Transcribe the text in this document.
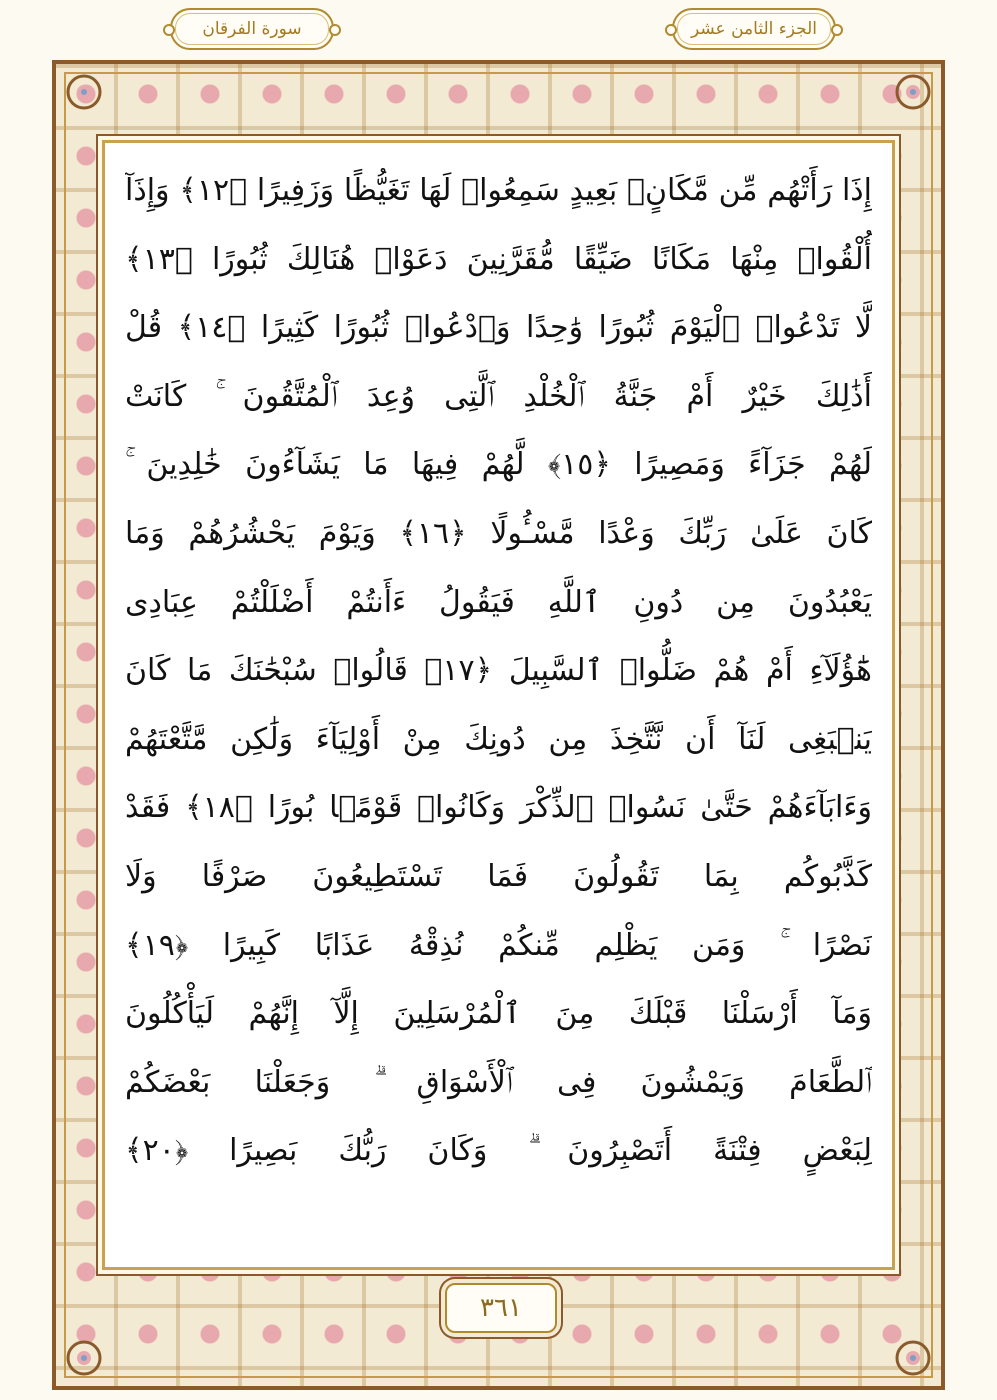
سورة الفرقان	الجزء الثامن عشر
إِذَا رَأَتْهُم مِّن مَّكَانٍۭ بَعِيدٍ سَمِعُوا۟ لَهَا تَغَيُّظًا وَزَفِيرًا ﴿١٢﴾ وَإِذَآ
أُلْقُوا۟ مِنْهَا مَكَانًا ضَيِّقًا مُّقَرَّنِينَ دَعَوْا۟ هُنَالِكَ ثُبُورًا ﴿١٣﴾
لَّا تَدْعُوا۟ ٱلْيَوْمَ ثُبُورًا وَٰحِدًا وَٱدْعُوا۟ ثُبُورًا كَثِيرًا ﴿١٤﴾ قُلْ
أَذَٰلِكَ خَيْرٌ أَمْ جَنَّةُ ٱلْخُلْدِ ٱلَّتِى وُعِدَ ٱلْمُتَّقُونَ ۚ كَانَتْ
لَهُمْ جَزَآءً وَمَصِيرًا ﴿١٥﴾ لَّهُمْ فِيهَا مَا يَشَآءُونَ خَٰلِدِينَ ۚ
كَانَ عَلَىٰ رَبِّكَ وَعْدًا مَّسْـُٔولًا ﴿١٦﴾ وَيَوْمَ يَحْشُرُهُمْ وَمَا
يَعْبُدُونَ مِن دُونِ ٱللَّهِ فَيَقُولُ ءَأَنتُمْ أَضْلَلْتُمْ عِبَادِى
هَٰٓؤُلَآءِ أَمْ هُمْ ضَلُّوا۟ ٱلسَّبِيلَ ﴿١٧﴾ قَالُوا۟ سُبْحَٰنَكَ مَا كَانَ
يَنۢبَغِى لَنَآ أَن نَّتَّخِذَ مِن دُونِكَ مِنْ أَوْلِيَآءَ وَلَٰكِن مَّتَّعْتَهُمْ
وَءَابَآءَهُمْ حَتَّىٰ نَسُوا۟ ٱلذِّكْرَ وَكَانُوا۟ قَوْمًۢا بُورًا ﴿١٨﴾ فَقَدْ
كَذَّبُوكُم بِمَا تَقُولُونَ فَمَا تَسْتَطِيعُونَ صَرْفًا وَلَا
نَصْرًا ۚ وَمَن يَظْلِم مِّنكُمْ نُذِقْهُ عَذَابًا كَبِيرًا ﴿١٩﴾
وَمَآ أَرْسَلْنَا قَبْلَكَ مِنَ ٱلْمُرْسَلِينَ إِلَّآ إِنَّهُمْ لَيَأْكُلُونَ
ٱلطَّعَامَ وَيَمْشُونَ فِى ٱلْأَسْوَاقِ ۗ وَجَعَلْنَا بَعْضَكُمْ
لِبَعْضٍ فِتْنَةً أَتَصْبِرُونَ ۗ وَكَانَ رَبُّكَ بَصِيرًا ﴿٢٠﴾
٣٦١
